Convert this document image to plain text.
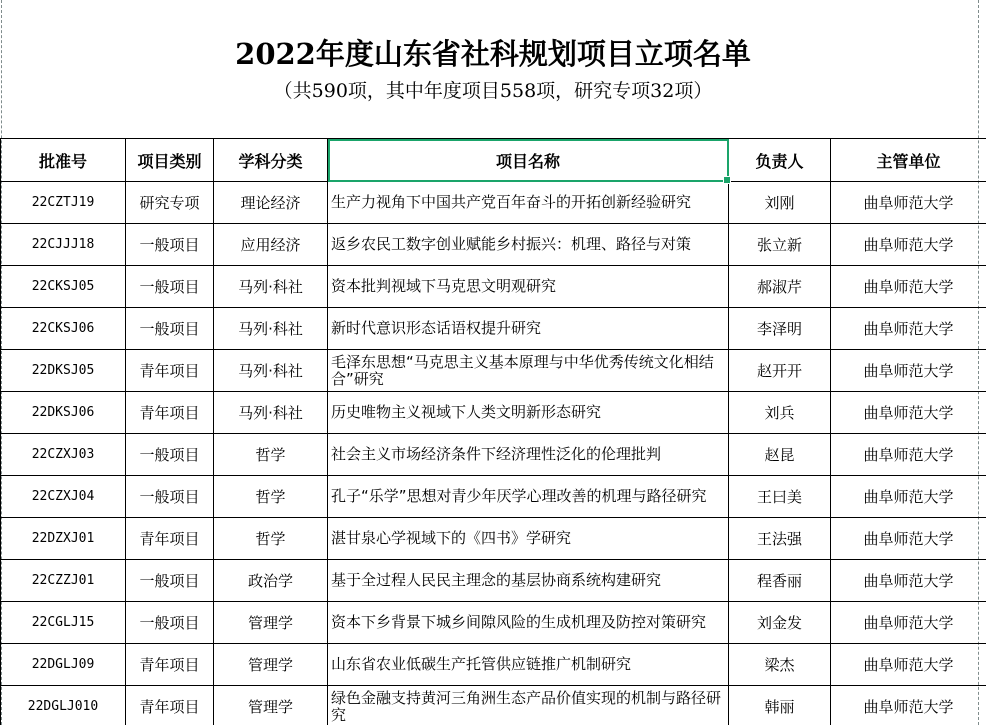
2022年度山东省社科规划项目立项名单
（共590项，其中年度项目558项，研究专项32项）
批准号	项目类别	学科分类	项目名称	负责人	主管单位
22CZTJ19	研究专项	理论经济	生产力视角下中国共产党百年奋斗的开拓创新经验研究	刘刚	曲阜师范大学
22CJJJ18	一般项目	应用经济	返乡农民工数字创业赋能乡村振兴：机理、路径与对策	张立新	曲阜师范大学
22CKSJ05	一般项目	马列·科社	资本批判视域下马克思文明观研究	郝淑芹	曲阜师范大学
22CKSJ06	一般项目	马列·科社	新时代意识形态话语权提升研究	李泽明	曲阜师范大学
22DKSJ05	青年项目	马列·科社	毛泽东思想“马克思主义基本原理与中华优秀传统文化相结合”研究	赵开开	曲阜师范大学
22DKSJ06	青年项目	马列·科社	历史唯物主义视域下人类文明新形态研究	刘兵	曲阜师范大学
22CZXJ03	一般项目	哲学	社会主义市场经济条件下经济理性泛化的伦理批判	赵昆	曲阜师范大学
22CZXJ04	一般项目	哲学	孔子“乐学”思想对青少年厌学心理改善的机理与路径研究	王曰美	曲阜师范大学
22DZXJ01	青年项目	哲学	湛甘泉心学视域下的《四书》学研究	王法强	曲阜师范大学
22CZZJ01	一般项目	政治学	基于全过程人民民主理念的基层协商系统构建研究	程香丽	曲阜师范大学
22CGLJ15	一般项目	管理学	资本下乡背景下城乡间隙风险的生成机理及防控对策研究	刘金发	曲阜师范大学
22DGLJ09	青年项目	管理学	山东省农业低碳生产托管供应链推广机制研究	梁杰	曲阜师范大学
22DGLJ010	青年项目	管理学	绿色金融支持黄河三角洲生态产品价值实现的机制与路径研究	韩丽	曲阜师范大学
